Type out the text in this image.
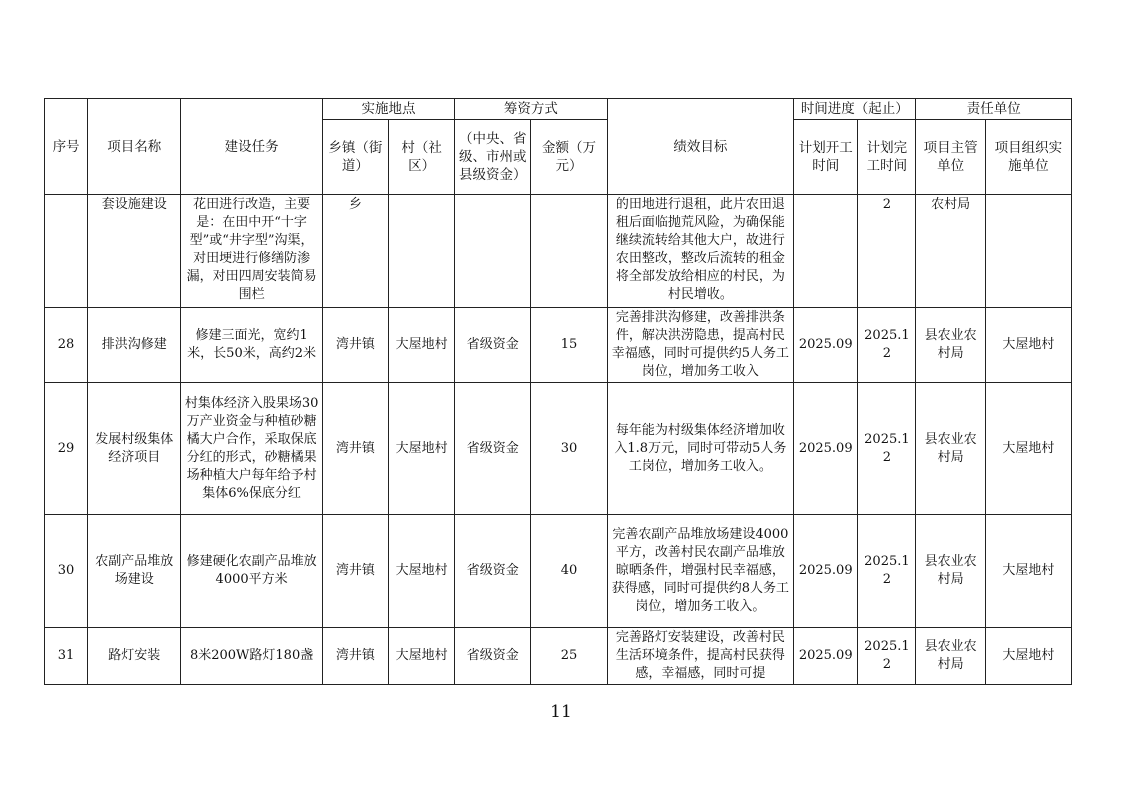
序号	项目名称	建设任务	实施地点		筹资方式		绩效目标	时间进度（起止）		责任单位	
			乡镇（街道）	村（社区）	（中央、省级、市州或县级资金）	金额（万元）		计划开工时间	计划完工时间	项目主管单位	项目组织实施单位
	套设施建设	花田进行改造，主要是：在田中开“十字型”或“井字型”沟渠，对田埂进行修缮防渗漏，对田四周安装简易围栏	乡				的田地进行退租，此片农田退租后面临抛荒风险，为确保能继续流转给其他大户，故进行农田整改，整改后流转的租金将全部发放给相应的村民，为村民增收。		2	农村局	
28	排洪沟修建	修建三面光，宽约1米，长50米，高约2米	湾井镇	大屋地村	省级资金	15	完善排洪沟修建，改善排洪条件，解决洪涝隐患，提高村民幸福感，同时可提供约5人务工岗位，增加务工收入	2025.09	2025.12	县农业农村局	大屋地村
29	发展村级集体经济项目	村集体经济入股果场30万产业资金与种植砂糖橘大户合作，采取保底分红的形式，砂糖橘果场种植大户每年给予村集体6%保底分红	湾井镇	大屋地村	省级资金	30	每年能为村级集体经济增加收入1.8万元，同时可带动5人务工岗位，增加务工收入。	2025.09	2025.12	县农业农村局	大屋地村
30	农副产品堆放场建设	修建硬化农副产品堆放4000平方米	湾井镇	大屋地村	省级资金	40	完善农副产品堆放场建设4000平方，改善村民农副产品堆放晾晒条件，增强村民幸福感，获得感，同时可提供约8人务工岗位，增加务工收入。	2025.09	2025.12	县农业农村局	大屋地村
31	路灯安装	8米200W路灯180盏	湾井镇	大屋地村	省级资金	25	完善路灯安装建设，改善村民生活环境条件，提高村民获得感，幸福感，同时可提	2025.09	2025.12	县农业农村局	大屋地村
11
